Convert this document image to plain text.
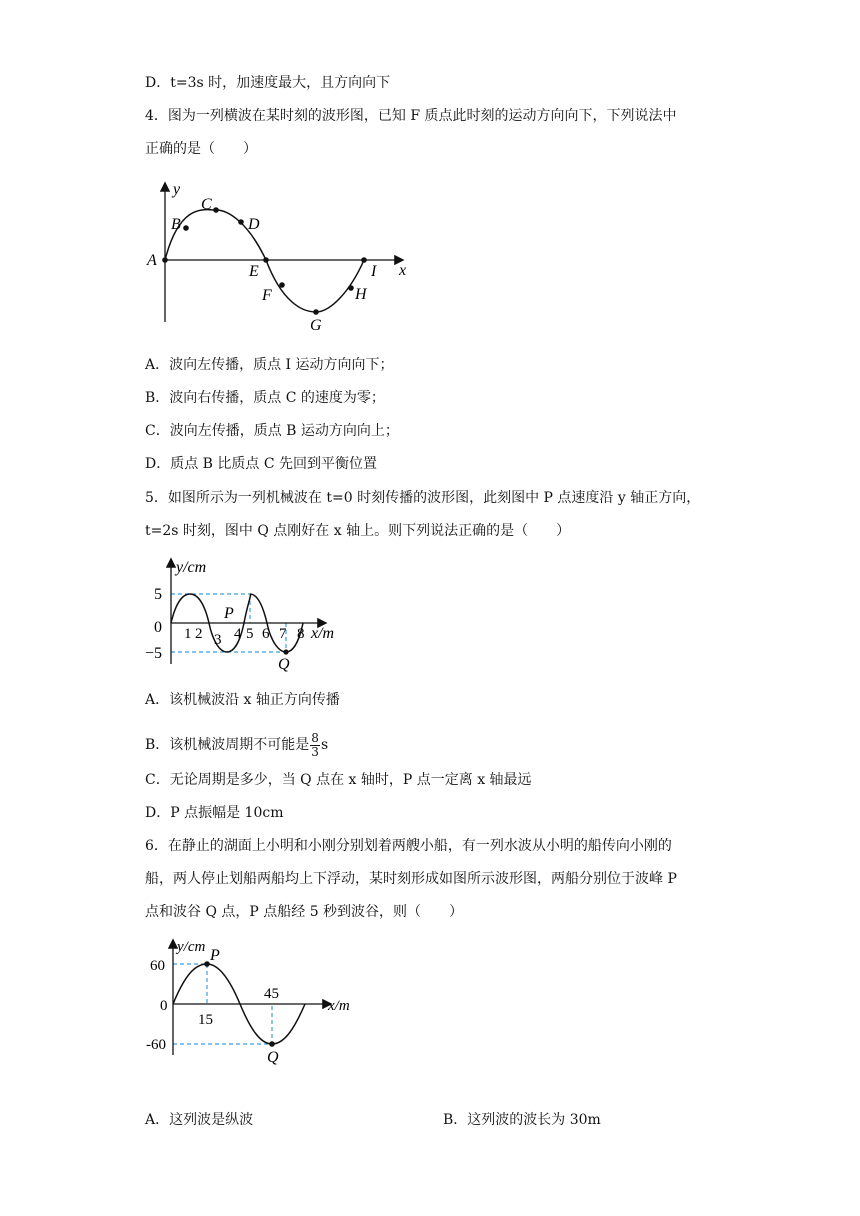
D．t=3s 时，加速度最大，且方向向下
4．图为一列横波在某时刻的波形图，已知 F 质点此时刻的运动方向向下，下列说法中
正确的是（　　）
y
x
A
B
C
D
E
F
G
H
I
A．波向左传播，质点 I 运动方向向下；
B．波向右传播，质点 C 的速度为零；
C．波向左传播，质点 B 运动方向向上；
D．质点 B 比质点 C 先回到平衡位置
5．如图所示为一列机械波在 t=0 时刻传播的波形图，此刻图中 P 点速度沿 y 轴正方向，
t=2s 时刻，图中 Q 点刚好在 x 轴上。则下列说法正确的是（　　）
y/cm
x/m
5
0
−5
1 2 3 4 5 6 7 8
P
Q
A．该机械波沿 x 轴正方向传播
B．该机械波周期不可能是 $\frac{8}{3}$ s
C．无论周期是多少，当 Q 点在 x 轴时，P 点一定离 x 轴最远
D．P 点振幅是 10cm
6．在静止的湖面上小明和小刚分别划着两艘小船，有一列水波从小明的船传向小刚的
船，两人停止划船两船均上下浮动，某时刻形成如图所示波形图，两船分别位于波峰 P
点和波谷 Q 点，P 点船经 5 秒到波谷，则（　　）
y/cm
x/m
60
0
-60
15
45
P
Q
A．这列波是纵波	B．这列波的波长为 30m
